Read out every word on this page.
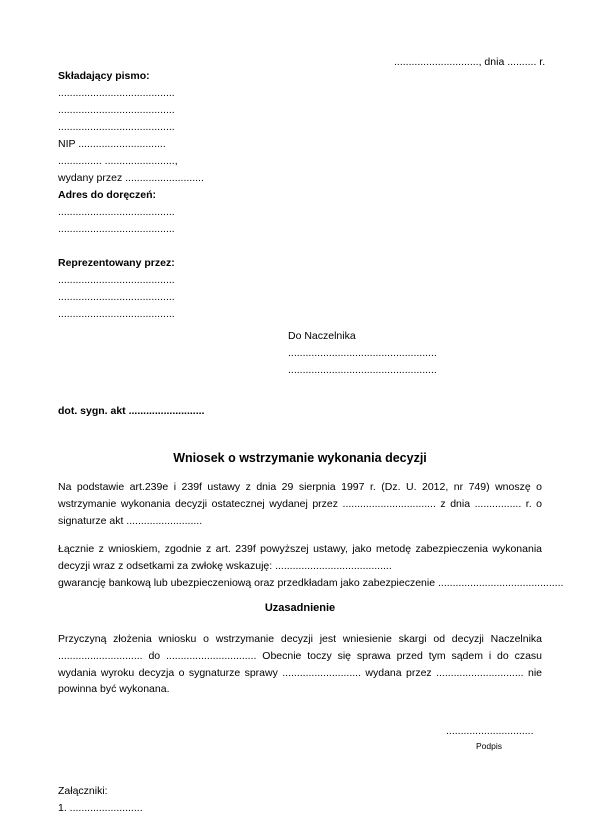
............................., dnia .......... r.
Składający pismo:
........................................
........................................
........................................
NIP ..............................
............... ........................,
wydany przez ...........................
Adres do doręczeń:
........................................
........................................
Reprezentowany przez:
........................................
........................................
........................................
Do Naczelnika
...................................................
...................................................
dot. sygn. akt ..........................
Wniosek o wstrzymanie wykonania decyzji
Na podstawie art.239e i 239f ustawy z dnia 29 sierpnia 1997 r. (Dz. U. 2012, nr 749) wnoszę o wstrzymanie wykonania decyzji ostatecznej wydanej przez ................................ z dnia ................ r. o signaturze akt ..........................
Łącznie z wnioskiem, zgodnie z art. 239f powyższej ustawy, jako metodę zabezpieczenia wykonania decyzji wraz z odsetkami za zwłokę wskazuję: ........................................
gwarancję bankową lub ubezpieczeniową oraz przedkładam jako zabezpieczenie ...........................................
Uzasadnienie
Przyczyną złożenia wniosku o wstrzymanie decyzji jest wniesienie skargi od decyzji Naczelnika ............................. do ............................... Obecnie toczy się sprawa przed tym sądem i do czasu wydania wyroku decyzja o sygnaturze sprawy ........................... wydana przez .............................. nie powinna być wykonana.
..............................
Podpis
Załączniki:
1. .........................
